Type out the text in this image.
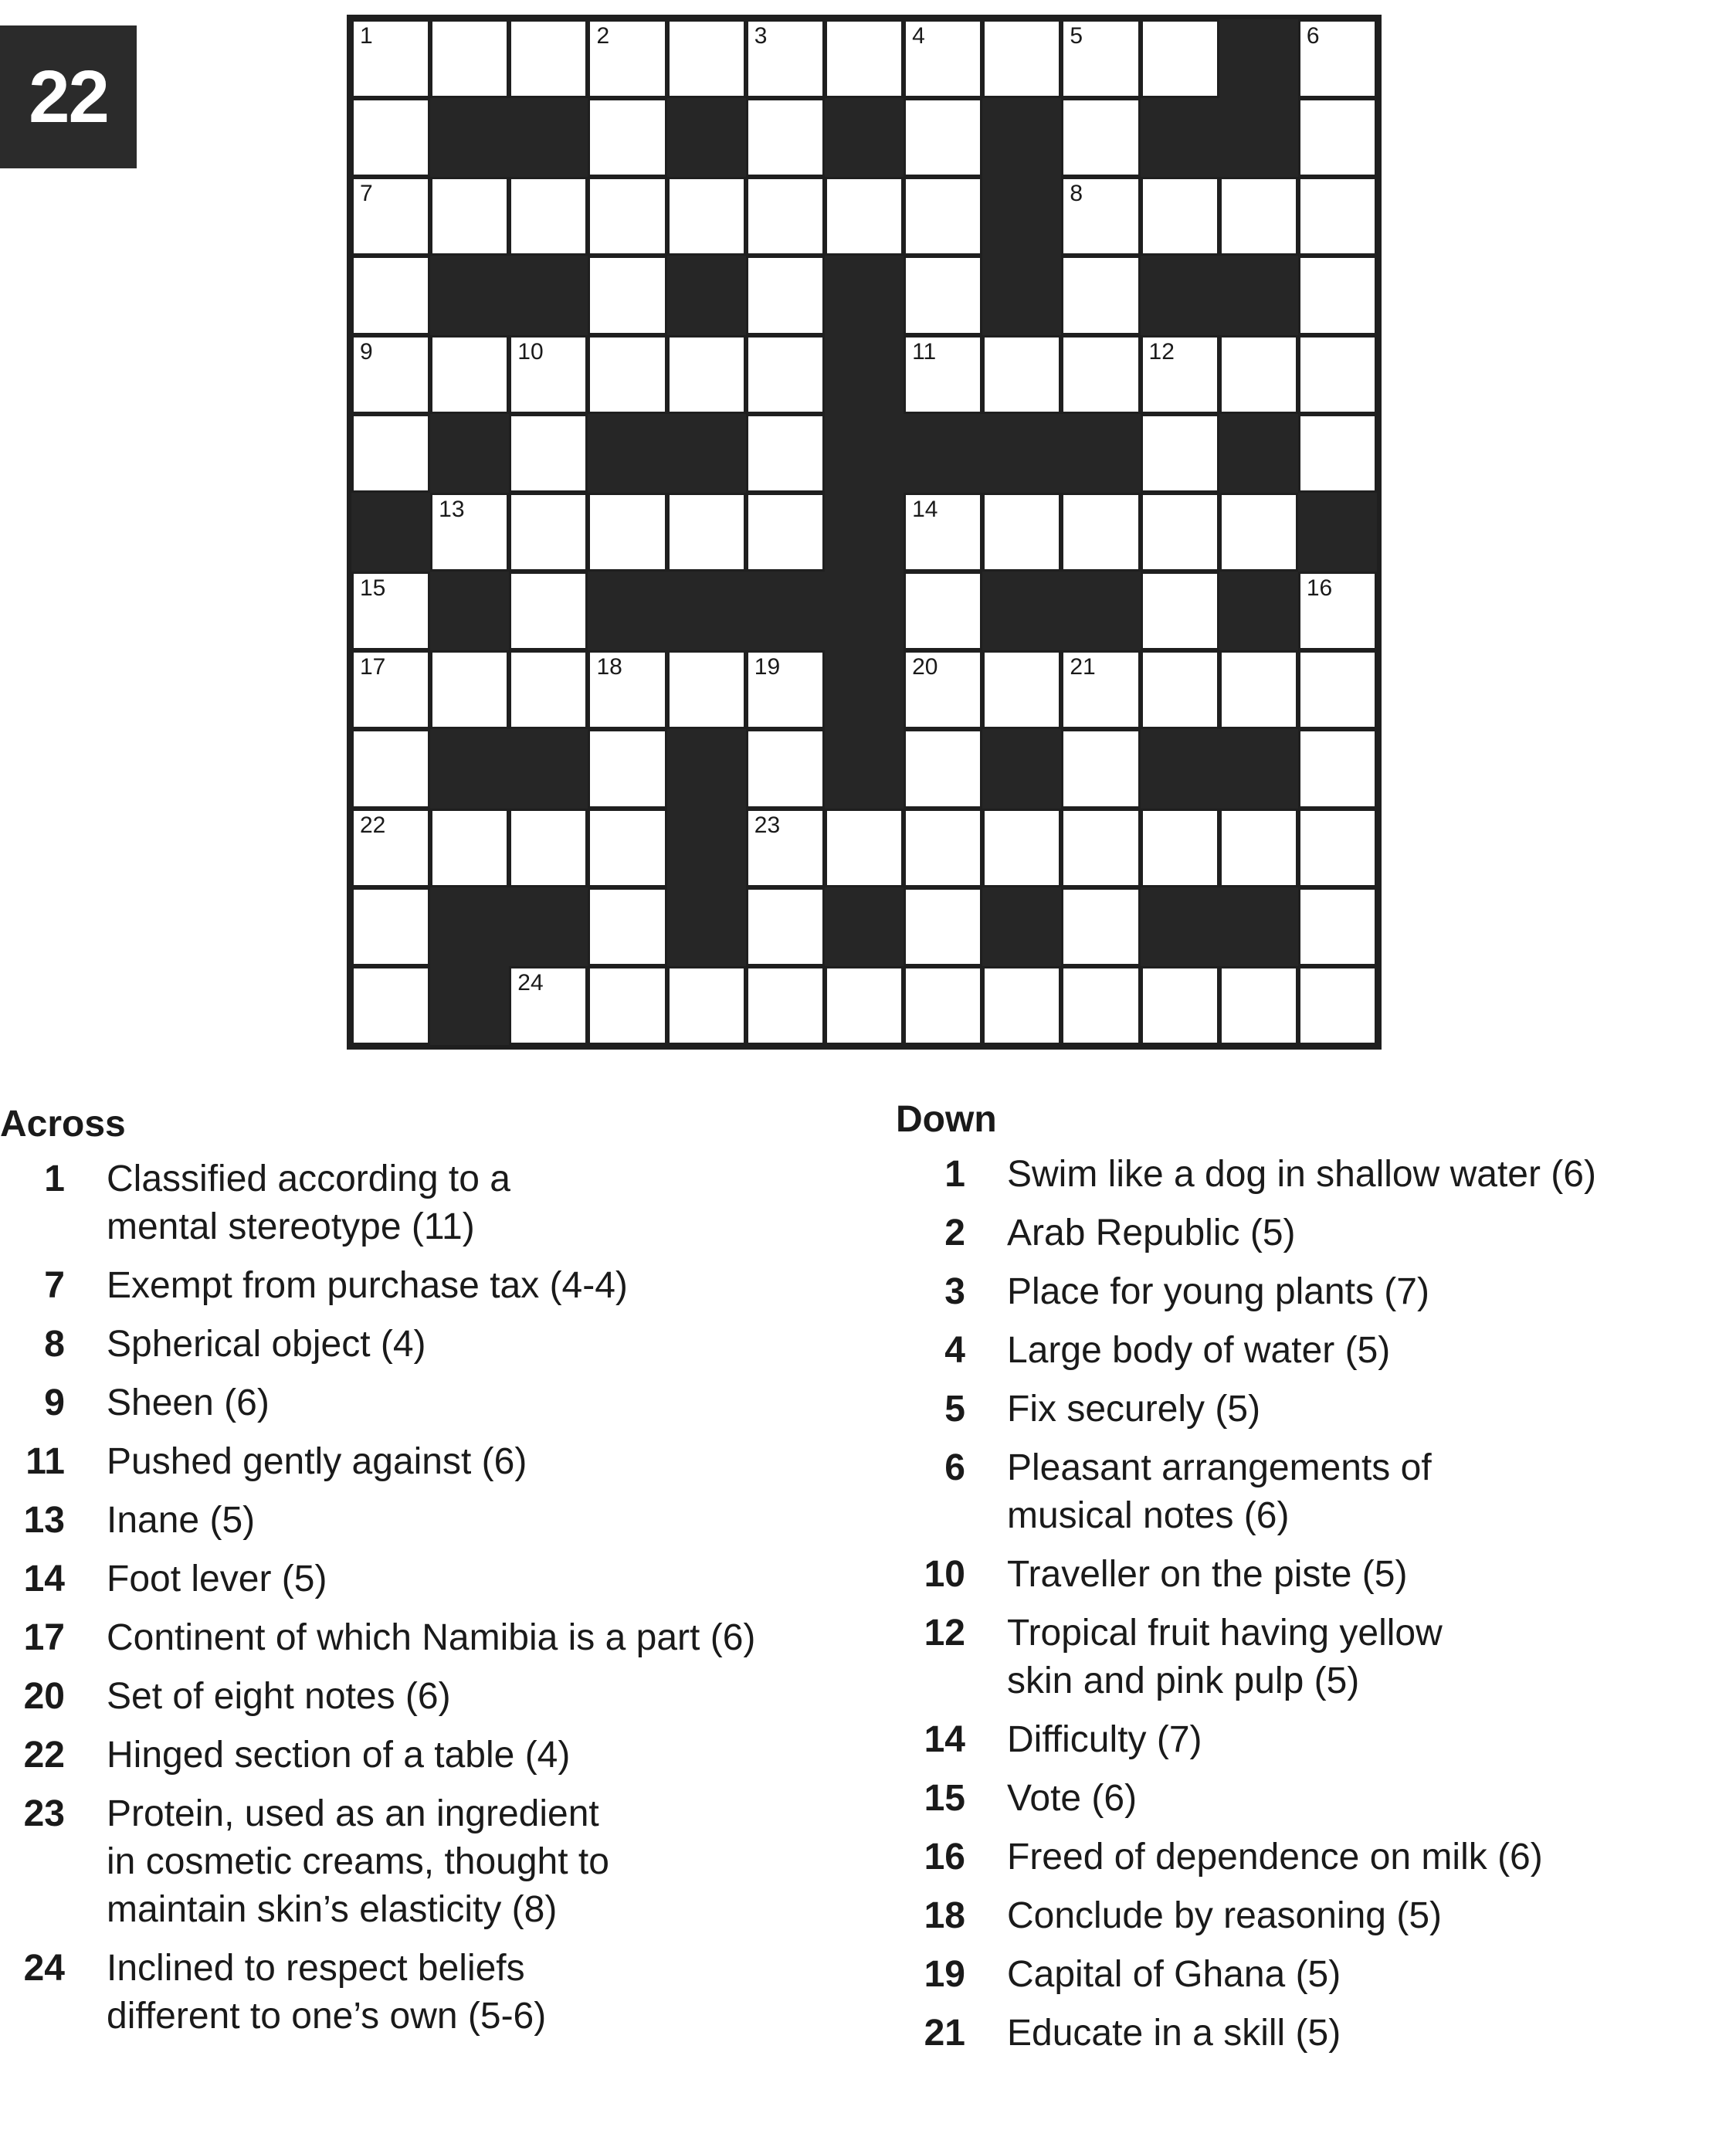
22
1	2	3	4	5	6
7	8
9	10	11	12
13	14
15	16
17	18	19	20	21
22	23
24
Across
1	Classified according to a
mental stereotype (11)
7	Exempt from purchase tax (4-4)
8	Spherical object (4)
9	Sheen (6)
11	Pushed gently against (6)
13	Inane (5)
14	Foot lever (5)
17	Continent of which Namibia is a part (6)
20	Set of eight notes (6)
22	Hinged section of a table (4)
23	Protein, used as an ingredient
in cosmetic creams, thought to
maintain skin’s elasticity (8)
24	Inclined to respect beliefs
different to one’s own (5-6)
Down
1	Swim like a dog in shallow water (6)
2	Arab Republic (5)
3	Place for young plants (7)
4	Large body of water (5)
5	Fix securely (5)
6	Pleasant arrangements of
musical notes (6)
10	Traveller on the piste (5)
12	Tropical fruit having yellow
skin and pink pulp (5)
14	Difficulty (7)
15	Vote (6)
16	Freed of dependence on milk (6)
18	Conclude by reasoning (5)
19	Capital of Ghana (5)
21	Educate in a skill (5)
